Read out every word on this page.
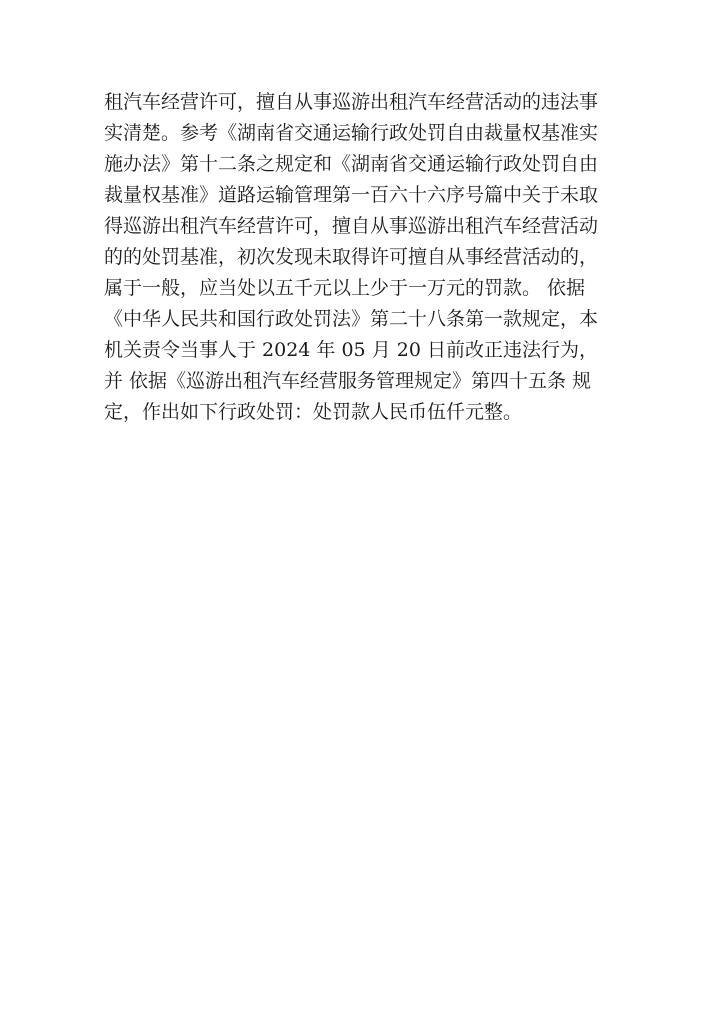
租汽车经营许可，擅自从事巡游出租汽车经营活动的违法事
实清楚。参考《湖南省交通运输行政处罚自由裁量权基准实
施办法》第十二条之规定和《湖南省交通运输行政处罚自由
裁量权基准》道路运输管理第一百六十六序号篇中关于未取
得巡游出租汽车经营许可，擅自从事巡游出租汽车经营活动
的的处罚基准，初次发现未取得许可擅自从事经营活动的，
属于一般，应当处以五千元以上少于一万元的罚款。 依据
《中华人民共和国行政处罚法》第二十八条第一款规定，本
机关责令当事人于 2024 年 05 月 20 日前改正违法行为，
并 依据《巡游出租汽车经营服务管理规定》第四十五条 规
定，作出如下行政处罚：处罚款人民币伍仟元整。
